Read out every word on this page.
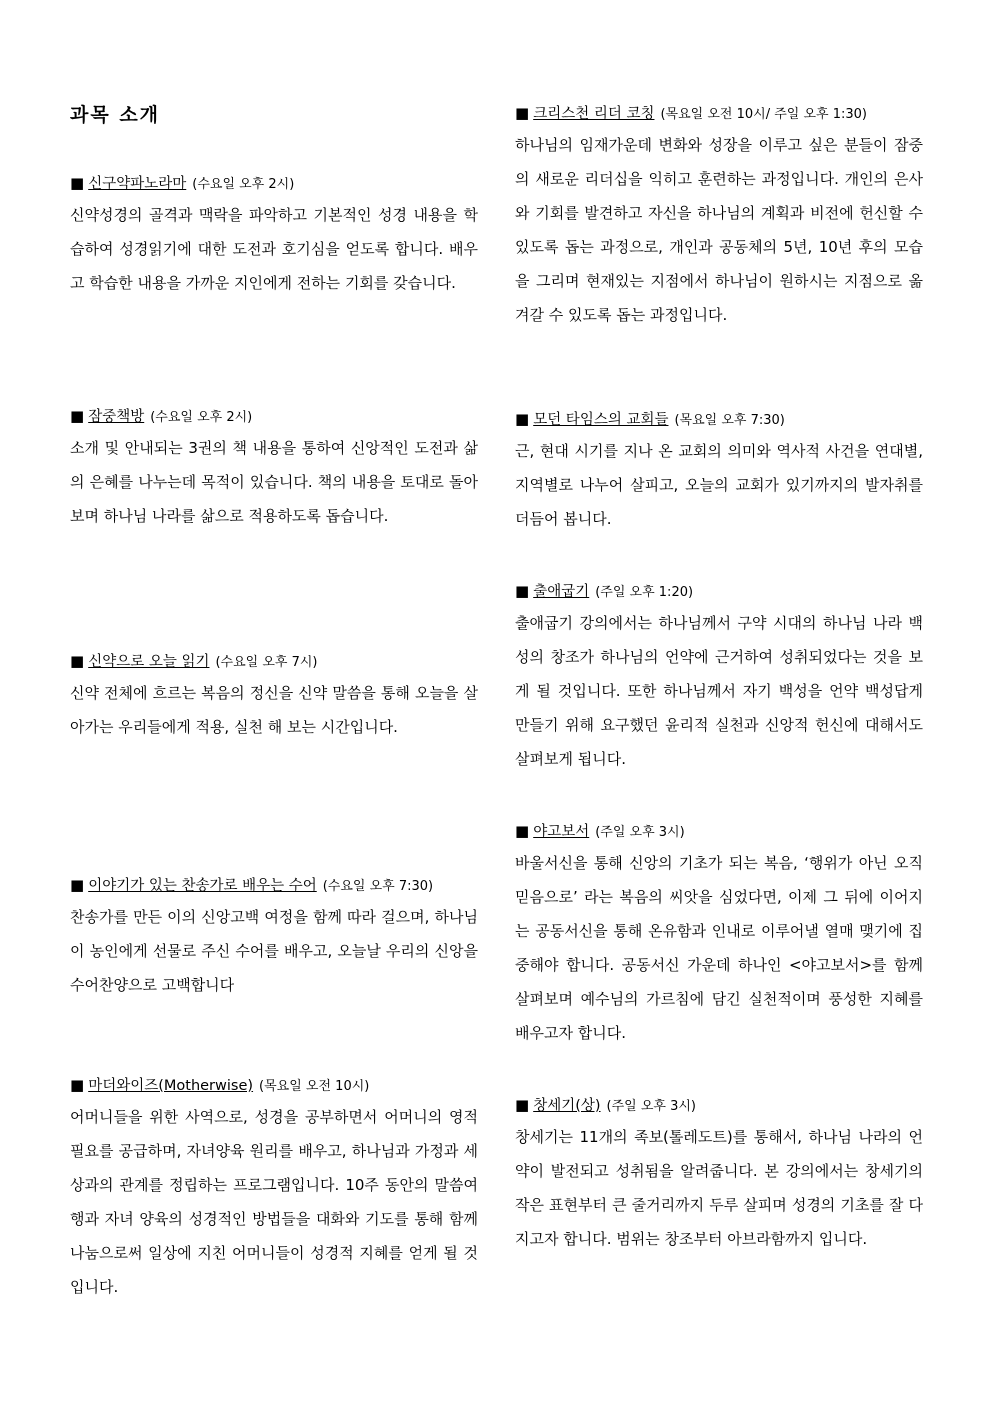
과목 소개
■ 신구약파노라마 (수요일 오후 2시)

신약성경의 골격과 맥락을 파악하고 기본적인 성경 내용을 학습하여 성경읽기에 대한 도전과 호기심을 얻도록 합니다. 배우고 학습한 내용을 가까운 지인에게 전하는 기회를 갖습니다.

■ 잠중책방 (수요일 오후 2시)

소개 및 안내되는 3권의 책 내용을 통하여 신앙적인 도전과 삶의 은혜를 나누는데 목적이 있습니다. 책의 내용을 토대로 돌아보며 하나님 나라를 삶으로 적용하도록 돕습니다.

■ 신약으로 오늘 읽기 (수요일 오후 7시)

신약 전체에 흐르는 복음의 정신을 신약 말씀을 통해 오늘을 살아가는 우리들에게 적용, 실천 해 보는 시간입니다.

■ 이야기가 있는 찬송가로 배우는 수어 (수요일 오후 7:30)

찬송가를 만든 이의 신앙고백 여정을 함께 따라 걸으며, 하나님이 농인에게 선물로 주신 수어를 배우고, 오늘날 우리의 신앙을 수어찬양으로 고백합니다

■ 마더와이즈(Motherwise) (목요일 오전 10시)

어머니들을 위한 사역으로, 성경을 공부하면서 어머니의 영적 필요를 공급하며, 자녀양육 원리를 배우고, 하나님과 가정과 세상과의 관계를 정립하는 프로그램입니다. 10주 동안의 말씀여행과 자녀 양육의 성경적인 방법들을 대화와 기도를 통해 함께 나눔으로써 일상에 지친 어머니들이 성경적 지혜를 얻게 될 것입니다.

■ 크리스천 리더 코칭 (목요일 오전 10시/ 주일 오후 1:30)

하나님의 임재가운데 변화와 성장을 이루고 싶은 분들이 잠중의 새로운 리더십을 익히고 훈련하는 과정입니다. 개인의 은사와 기회를 발견하고 자신을 하나님의 계획과 비전에 헌신할 수 있도록 돕는 과정으로, 개인과 공동체의 5년, 10년 후의 모습을 그리며 현재있는 지점에서 하나님이 원하시는 지점으로 옮겨갈 수 있도록 돕는 과정입니다.

■ 모던 타임스의 교회들 (목요일 오후 7:30)

근, 현대 시기를 지나 온 교회의 의미와 역사적 사건을 연대별, 지역별로 나누어 살피고, 오늘의 교회가 있기까지의 발자취를 더듬어 봅니다.

■ 출애굽기 (주일 오후 1:20)

출애굽기 강의에서는 하나님께서 구약 시대의 하나님 나라 백성의 창조가 하나님의 언약에 근거하여 성취되었다는 것을 보게 될 것입니다. 또한 하나님께서 자기 백성을 언약 백성답게 만들기 위해 요구했던 윤리적 실천과 신앙적 헌신에 대해서도 살펴보게 됩니다.

■ 야고보서 (주일 오후 3시)

바울서신을 통해 신앙의 기초가 되는 복음, ‘행위가 아닌 오직 믿음으로’ 라는 복음의 씨앗을 심었다면, 이제 그 뒤에 이어지는 공동서신을 통해 온유함과 인내로 이루어낼 열매 맺기에 집중해야 합니다. 공동서신 가운데 하나인 <야고보서>를 함께 살펴보며 예수님의 가르침에 담긴 실천적이며 풍성한 지혜를 배우고자 합니다.

■ 창세기(상) (주일 오후 3시)

창세기는 11개의 족보(톨레도트)를 통해서, 하나님 나라의 언약이 발전되고 성취됨을 알려줍니다. 본 강의에서는 창세기의 작은 표현부터 큰 줄거리까지 두루 살피며 성경의 기초를 잘 다지고자 합니다. 범위는 창조부터 아브라함까지 입니다.
